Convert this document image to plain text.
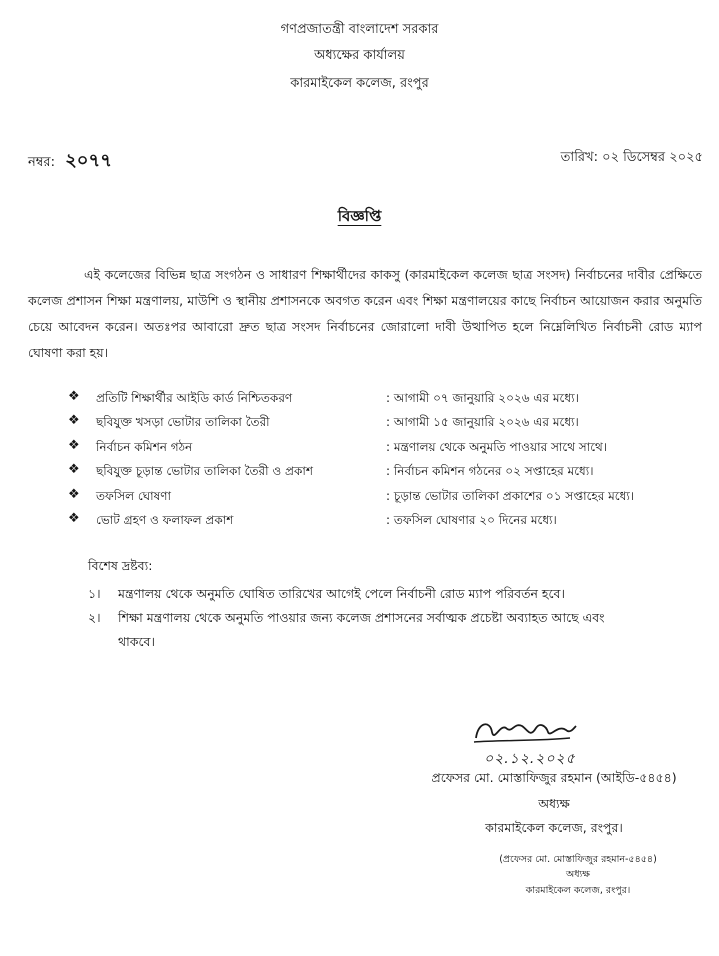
গণপ্রজাতন্ত্রী বাংলাদেশ সরকার
অধ্যক্ষের কার্যালয়
কারমাইকেল কলেজ, রংপুর
নম্বর: ২০৭৭	তারিখ: ০২ ডিসেম্বর ২০২৫
বিজ্ঞপ্তি
এই কলেজের বিভিন্ন ছাত্র সংগঠন ও সাধারণ শিক্ষার্থীদের কাকসু (কারমাইকেল কলেজ ছাত্র সংসদ) নির্বাচনের দাবীর প্রেক্ষিতে কলেজ প্রশাসন শিক্ষা মন্ত্রণালয়, মাউশি ও স্থানীয় প্রশাসনকে অবগত করেন এবং শিক্ষা মন্ত্রণালয়ের কাছে নির্বাচন আয়োজন করার অনুমতি চেয়ে আবেদন করেন। অতঃপর আবারো দ্রুত ছাত্র সংসদ নির্বাচনের জোরালো দাবী উত্থাপিত হলে নিম্নেলিখিত নির্বাচনী রোড ম্যাপ ঘোষণা করা হয়।
❖ প্রতিটি শিক্ষার্থীর আইডি কার্ড নিশ্চিতকরণ	: আগামী ০৭ জানুয়ারি ২০২৬ এর মধ্যে।
❖ ছবিযুক্ত খসড়া ভোটার তালিকা তৈরী	: আগামী ১৫ জানুয়ারি ২০২৬ এর মধ্যে।
❖ নির্বাচন কমিশন গঠন	: মন্ত্রণালয় থেকে অনুমতি পাওয়ার সাথে সাথে।
❖ ছবিযুক্ত চূড়ান্ত ভোটার তালিকা তৈরী ও প্রকাশ	: নির্বাচন কমিশন গঠনের ০২ সপ্তাহের মধ্যে।
❖ তফসিল ঘোষণা	: চূড়ান্ত ভোটার তালিকা প্রকাশের ০১ সপ্তাহের মধ্যে।
❖ ভোট গ্রহণ ও ফলাফল প্রকাশ	: তফসিল ঘোষণার ২০ দিনের মধ্যে।
বিশেষ দ্রষ্টব্য:
১। মন্ত্রণালয় থেকে অনুমতি ঘোষিত তারিখের আগেই পেলে নির্বাচনী রোড ম্যাপ পরিবর্তন হবে।
২। শিক্ষা মন্ত্রণালয় থেকে অনুমতি পাওয়ার জন্য কলেজ প্রশাসনের সর্বাত্মক প্রচেষ্টা অব্যাহত আছে এবং
থাকবে।
০২.১২.২০২৫
প্রফেসর মো. মোস্তাফিজুর রহমান (আইডি-৫৪৫৪)
অধ্যক্ষ
কারমাইকেল কলেজ, রংপুর।
(প্রফেসর মো. মোস্তাফিজুর রহমান-৫৪৫৪)
অধ্যক্ষ
কারমাইকেল কলেজ, রংপুর।
